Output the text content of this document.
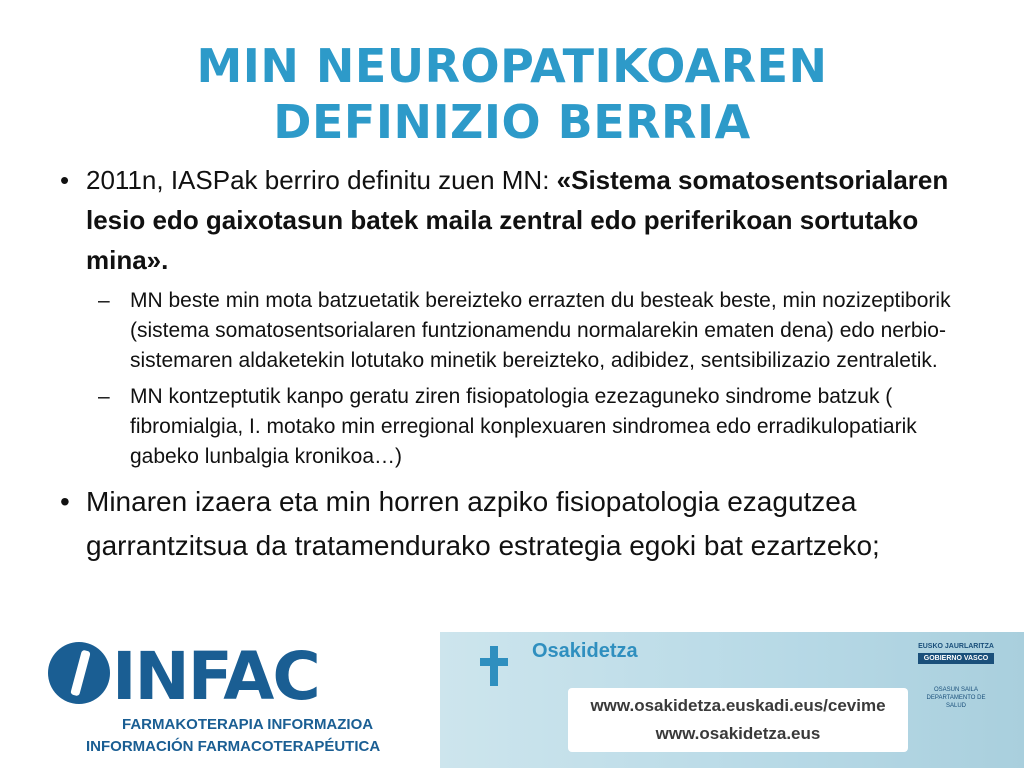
MIN NEUROPATIKOAREN
DEFINIZIO BERRIA
• 2011n, IASPak berriro definitu zuen MN: «Sistema somatosentsorialaren lesio edo gaixotasun batek maila zentral edo periferikoan sortutako mina».
– MN beste min mota batzuetatik bereizteko errazten du besteak beste, min nozizeptiborik (sistema somatosentsorialaren funtzionamendu normalarekin ematen dena) edo nerbio-sistemaren aldaketekin lotutako minetik bereizteko, adibidez, sentsibilizazio zentraletik.
– MN kontzeptutik kanpo geratu ziren fisiopatologia ezezaguneko sindrome batzuk ( fibromialgia, I. motako min erregional konplexuaren sindromea edo erradikulopatiarik gabeko lunbalgia kronikoa…)
• Minaren izaera eta min horren azpiko fisiopatologia ezagutzea garrantzitsua da tratamendurako estrategia egoki bat ezartzeko;
INFAC
FARMAKOTERAPIA INFORMAZIOA
INFORMACIÓN FARMACOTERAPÉUTICA
Osakidetza
www.osakidetza.euskadi.eus/cevime
www.osakidetza.eus
EUSKO JAURLARITZA
GOBIERNO VASCO
OSASUN SAILA
DEPARTAMENTO DE SALUD
